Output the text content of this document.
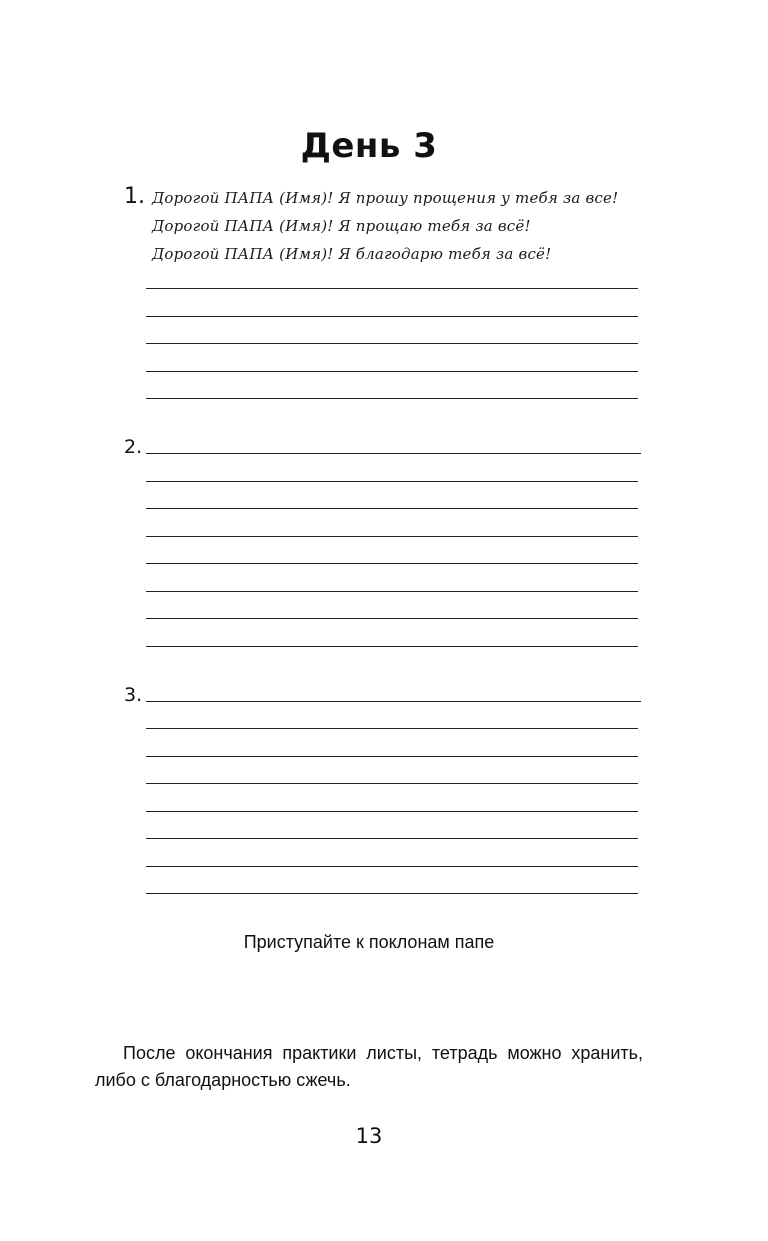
День 3
1. Дорогой ПАПА (Имя)! Я прошу прощения у тебя за все!
Дорогой ПАПА (Имя)! Я прощаю тебя за всё!
Дорогой ПАПА (Имя)! Я благодарю тебя за всё!
2.
3.
Приступайте к поклонам папе

После окончания практики листы, тетрадь можно хранить, либо с благодарностью сжечь.

13
